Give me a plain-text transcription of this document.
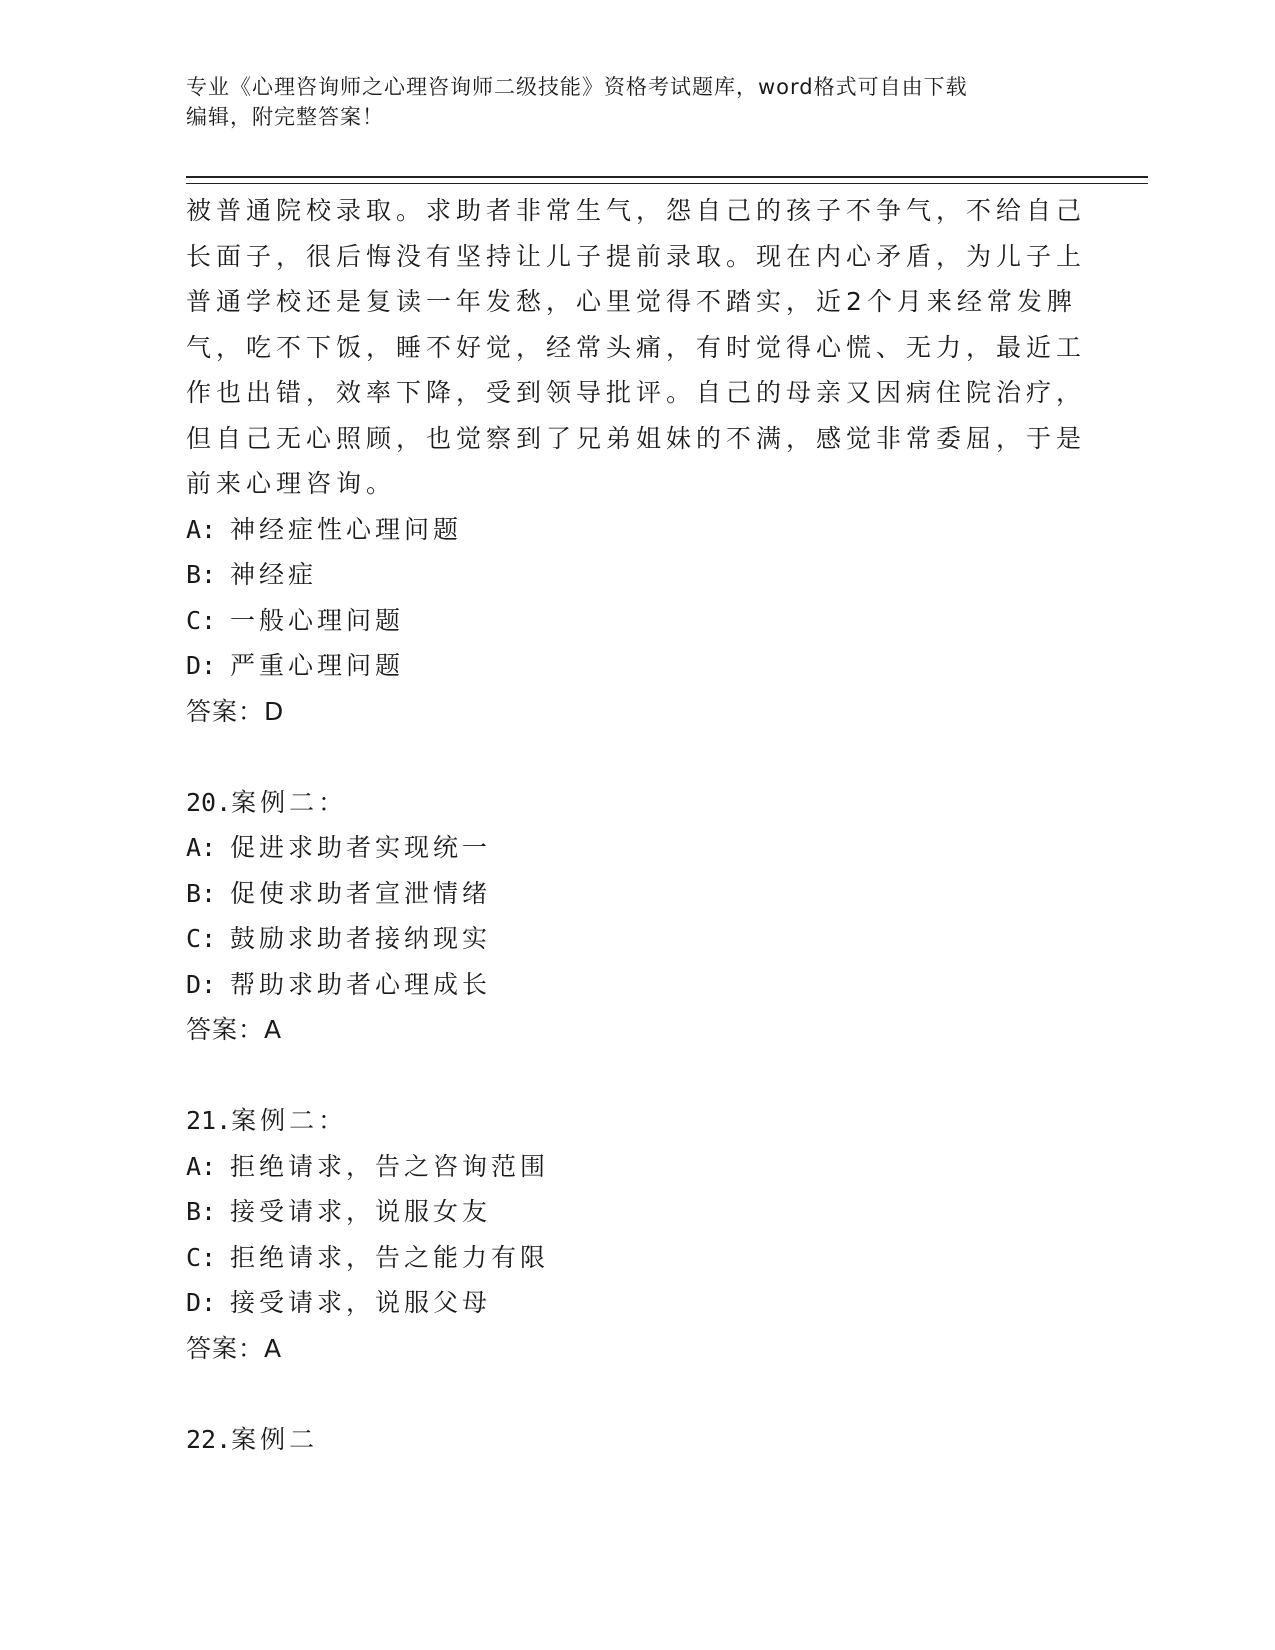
专业《心理咨询师之心理咨询师二级技能》资格考试题库，word格式可自由下载
编辑，附完整答案！
被普通院校录取。求助者非常生气，怨自己的孩子不争气，不给自己
长面子，很后悔没有坚持让儿子提前录取。现在内心矛盾，为儿子上
普通学校还是复读一年发愁，心里觉得不踏实，近2个月来经常发脾
气，吃不下饭，睡不好觉，经常头痛，有时觉得心慌、无力，最近工
作也出错，效率下降，受到领导批评。自己的母亲又因病住院治疗，
但自己无心照顾，也觉察到了兄弟姐妹的不满，感觉非常委屈，于是
前来心理咨询。
A: 神经症性心理问题
B: 神经症
C: 一般心理问题
D: 严重心理问题
答案：D
20.案例二：
A: 促进求助者实现统一
B: 促使求助者宣泄情绪
C: 鼓励求助者接纳现实
D: 帮助求助者心理成长
答案：A
21.案例二：
A: 拒绝请求，告之咨询范围
B: 接受请求，说服女友
C: 拒绝请求，告之能力有限
D: 接受请求，说服父母
答案：A
22.案例二
